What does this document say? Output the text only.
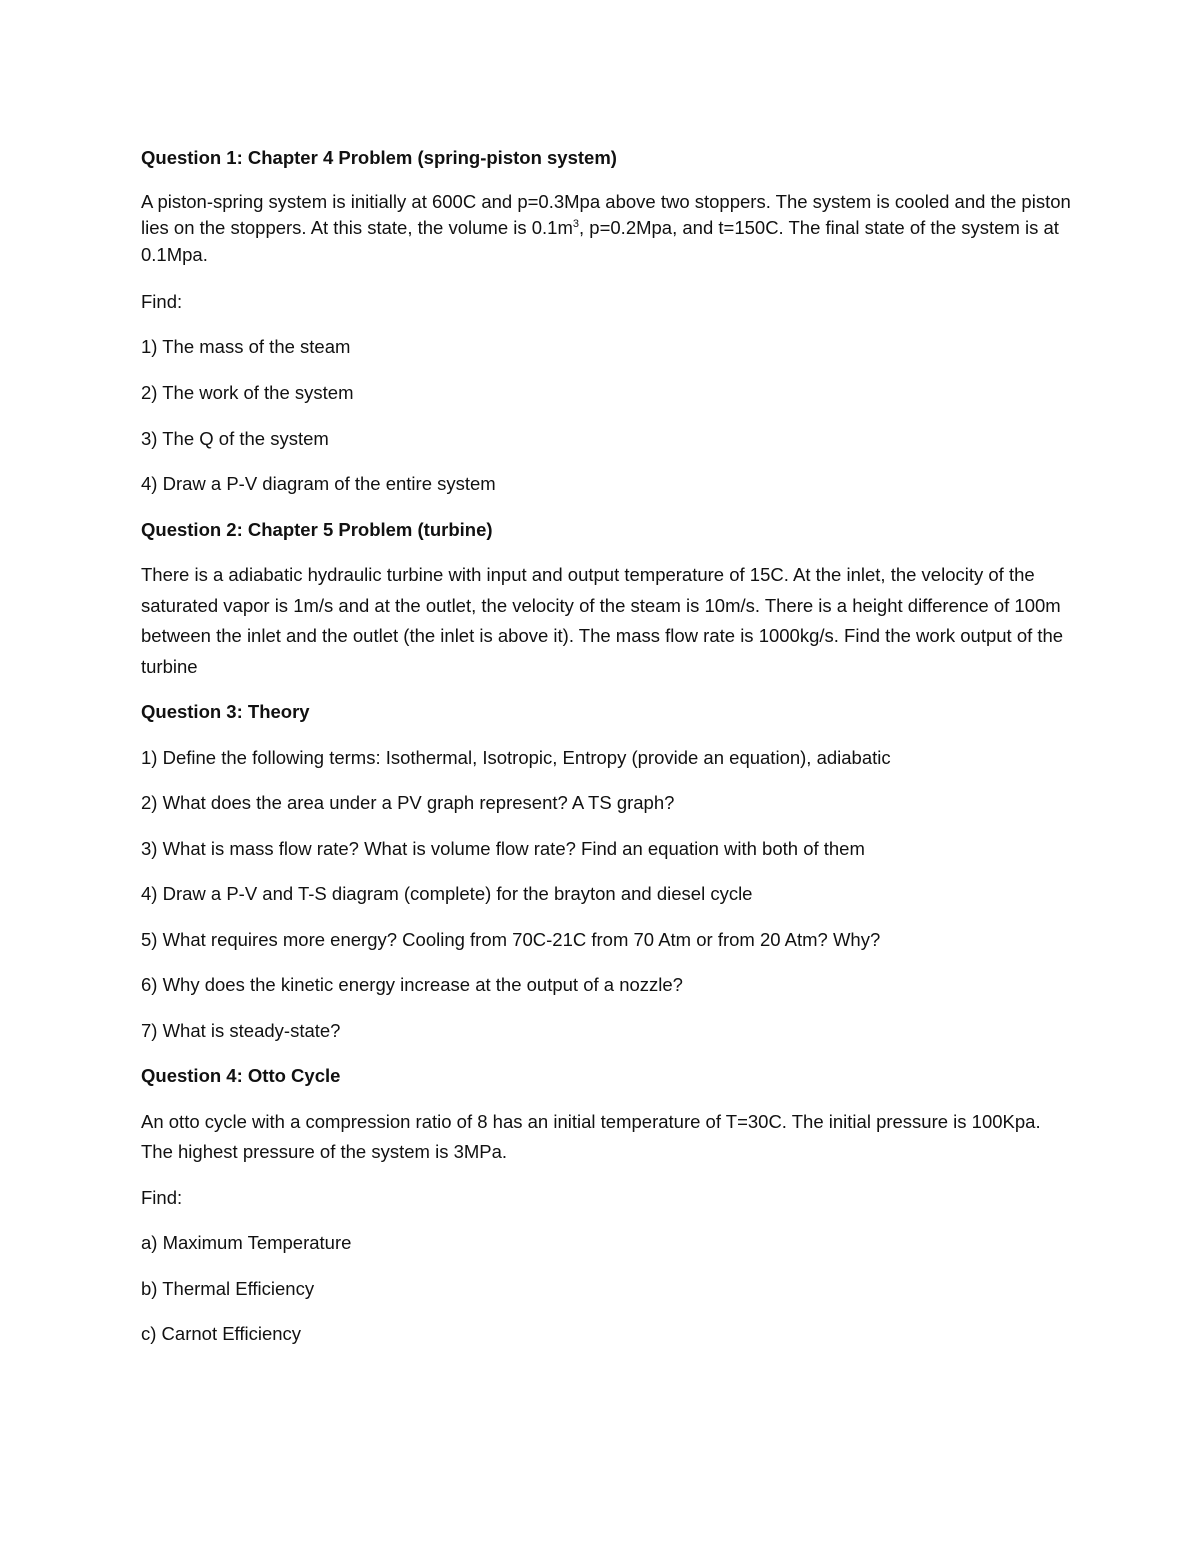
Question 1: Chapter 4 Problem (spring-piston system)

A piston-spring system is initially at 600C and p=0.3Mpa above two stoppers. The system is cooled and the piston lies on the stoppers. At this state, the volume is $0.1m^3$, p=0.2Mpa, and t=150C. The final state of the system is at 0.1Mpa.

Find:

1) The mass of the steam

2) The work of the system

3) The Q of the system

4) Draw a P-V diagram of the entire system

Question 2: Chapter 5 Problem (turbine)

There is a adiabatic hydraulic turbine with input and output temperature of 15C. At the inlet, the velocity of the saturated vapor is 1m/s and at the outlet, the velocity of the steam is 10m/s. There is a height difference of 100m between the inlet and the outlet (the inlet is above it). The mass flow rate is 1000kg/s. Find the work output of the turbine

Question 3: Theory

1) Define the following terms: Isothermal, Isotropic, Entropy (provide an equation), adiabatic

2) What does the area under a PV graph represent? A TS graph?

3) What is mass flow rate? What is volume flow rate? Find an equation with both of them

4) Draw a P-V and T-S diagram (complete) for the brayton and diesel cycle

5) What requires more energy? Cooling from 70C-21C from 70 Atm or from 20 Atm? Why?

6) Why does the kinetic energy increase at the output of a nozzle?

7) What is steady-state?

Question 4: Otto Cycle

An otto cycle with a compression ratio of 8 has an initial temperature of T=30C. The initial pressure is 100Kpa. The highest pressure of the system is 3MPa.

Find:

a) Maximum Temperature

b) Thermal Efficiency

c) Carnot Efficiency
